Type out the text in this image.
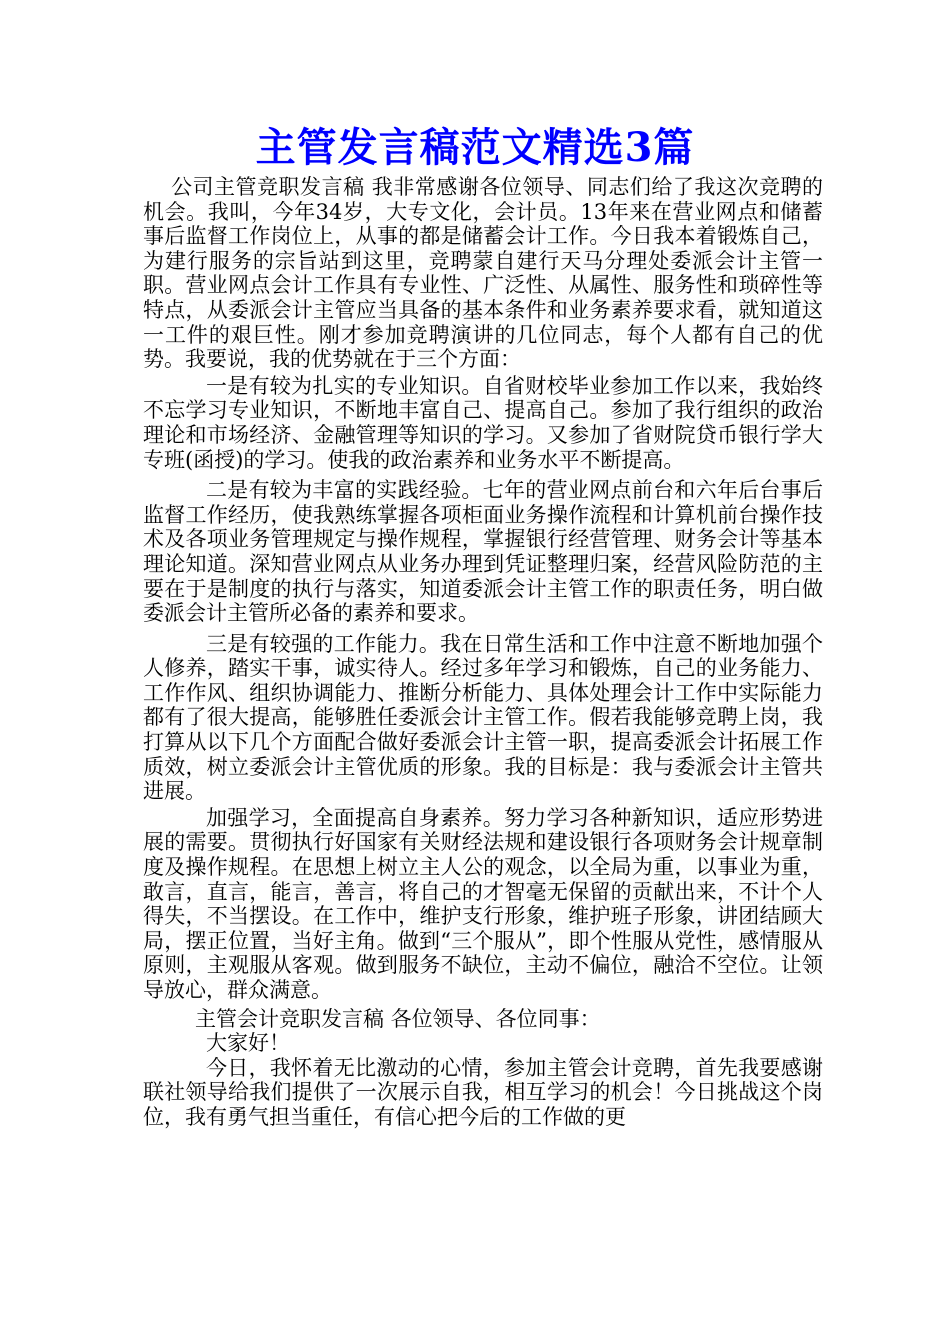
主管发言稿范文精选3篇

公司主管竞职发言稿 我非常感谢各位领导、同志们给了我这次竞聘的机会。我叫，今年34岁，大专文化，会计员。13年来在营业网点和储蓄事后监督工作岗位上，从事的都是储蓄会计工作。今日我本着锻炼自己，为建行服务的宗旨站到这里，竞聘蒙自建行天马分理处委派会计主管一职。营业网点会计工作具有专业性、广泛性、从属性、服务性和琐碎性等特点，从委派会计主管应当具备的基本条件和业务素养要求看，就知道这一工件的艰巨性。刚才参加竞聘演讲的几位同志，每个人都有自己的优势。我要说，我的优势就在于三个方面：

一是有较为扎实的专业知识。自省财校毕业参加工作以来，我始终不忘学习专业知识，不断地丰富自己、提高自己。参加了我行组织的政治理论和市场经济、金融管理等知识的学习。又参加了省财院贷币银行学大专班(函授)的学习。使我的政治素养和业务水平不断提高。

二是有较为丰富的实践经验。七年的营业网点前台和六年后台事后监督工作经历，使我熟练掌握各项柜面业务操作流程和计算机前台操作技术及各项业务管理规定与操作规程，掌握银行经营管理、财务会计等基本理论知道。深知营业网点从业务办理到凭证整理归案，经营风险防范的主要在于是制度的执行与落实，知道委派会计主管工作的职责任务，明白做委派会计主管所必备的素养和要求。

三是有较强的工作能力。我在日常生活和工作中注意不断地加强个人修养，踏实干事，诚实待人。经过多年学习和锻炼，自己的业务能力、工作作风、组织协调能力、推断分析能力、具体处理会计工作中实际能力都有了很大提高，能够胜任委派会计主管工作。假若我能够竞聘上岗，我打算从以下几个方面配合做好委派会计主管一职，提高委派会计拓展工作质效，树立委派会计主管优质的形象。我的目标是：我与委派会计主管共进展。

加强学习，全面提高自身素养。努力学习各种新知识，适应形势进展的需要。贯彻执行好国家有关财经法规和建设银行各项财务会计规章制度及操作规程。在思想上树立主人公的观念，以全局为重，以事业为重，敢言，直言，能言，善言，将自己的才智毫无保留的贡献出来，不计个人得失，不当摆设。在工作中，维护支行形象，维护班子形象，讲团结顾大局，摆正位置，当好主角。做到“三个服从”，即个性服从党性，感情服从原则，主观服从客观。做到服务不缺位，主动不偏位，融洽不空位。让领导放心，群众满意。

主管会计竞职发言稿 各位领导、各位同事：

大家好！

今日，我怀着无比激动的心情，参加主管会计竞聘，首先我要感谢联社领导给我们提供了一次展示自我，相互学习的机会！今日挑战这个岗位，我有勇气担当重任，有信心把今后的工作做的更
